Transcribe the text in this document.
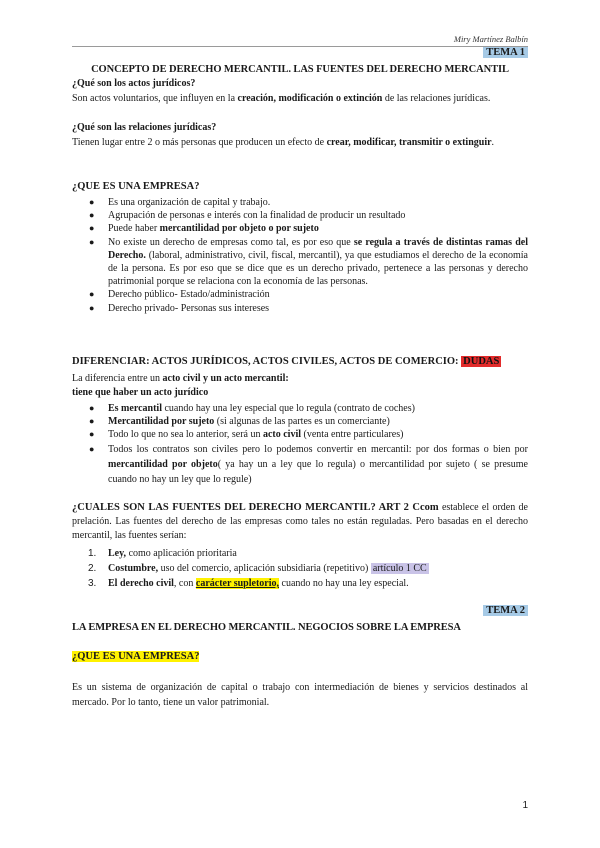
Miry Martínez Balbín
TEMA 1
CONCEPTO DE DERECHO MERCANTIL. LAS FUENTES DEL DERECHO MERCANTIL
¿Qué son los actos jurídicos?
Son actos voluntarios, que influyen en la creación, modificación o extinción de las relaciones jurídicas.
¿Qué son las relaciones jurídicas?
Tienen lugar entre 2 o más personas que producen un efecto de crear, modificar, transmitir o extinguir.
¿QUE ES UNA EMPRESA?
● Es una organización de capital y trabajo.
● Agrupación de personas e interés con la finalidad de producir un resultado
● Puede haber mercantilidad por objeto o por sujeto
● No existe un derecho de empresas como tal, es por eso que se regula a través de distintas ramas del Derecho. (laboral, administrativo, civil, fiscal, mercantil), ya que estudiamos el derecho de la economía de la persona. Es por eso que se dice que es un derecho privado, pertenece a las personas y derecho patrimonial porque se relaciona con la economía de las personas.
● Derecho público- Estado/administración
● Derecho privado- Personas sus intereses
DIFERENCIAR: ACTOS JURÍDICOS, ACTOS CIVILES, ACTOS DE COMERCIO: DUDAS
La diferencia entre un acto civil y un acto mercantil:
tiene que haber un acto jurídico
● Es mercantil cuando hay una ley especial que lo regula (contrato de coches)
● Mercantilidad por sujeto (si algunas de las partes es un comerciante)
● Todo lo que no sea lo anterior, será un acto civil (venta entre particulares)
● Todos los contratos son civiles pero lo podemos convertir en mercantil: por dos formas o bien por mercantilidad por objeto( ya hay un a ley que lo regula) o mercantilidad por sujeto ( se presume cuando no hay un ley que lo regule)
¿CUALES SON LAS FUENTES DEL DERECHO MERCANTIL? ART 2 Ccom establece el orden de prelación. Las fuentes del derecho de las empresas como tales no están reguladas. Pero basadas en el derecho mercantil, las fuentes serían:
1. Ley, como aplicación prioritaria
2. Costumbre, uso del comercio, aplicación subsidiaria (repetitivo) artículo 1 CC
3. El derecho civil, con carácter supletorio, cuando no hay una ley especial.
TEMA 2
LA EMPRESA EN EL DERECHO MERCANTIL. NEGOCIOS SOBRE LA EMPRESA
¿QUE ES UNA EMPRESA?
Es un sistema de organización de capital o trabajo con intermediación de bienes y servicios destinados al mercado. Por lo tanto, tiene un valor patrimonial.
1
